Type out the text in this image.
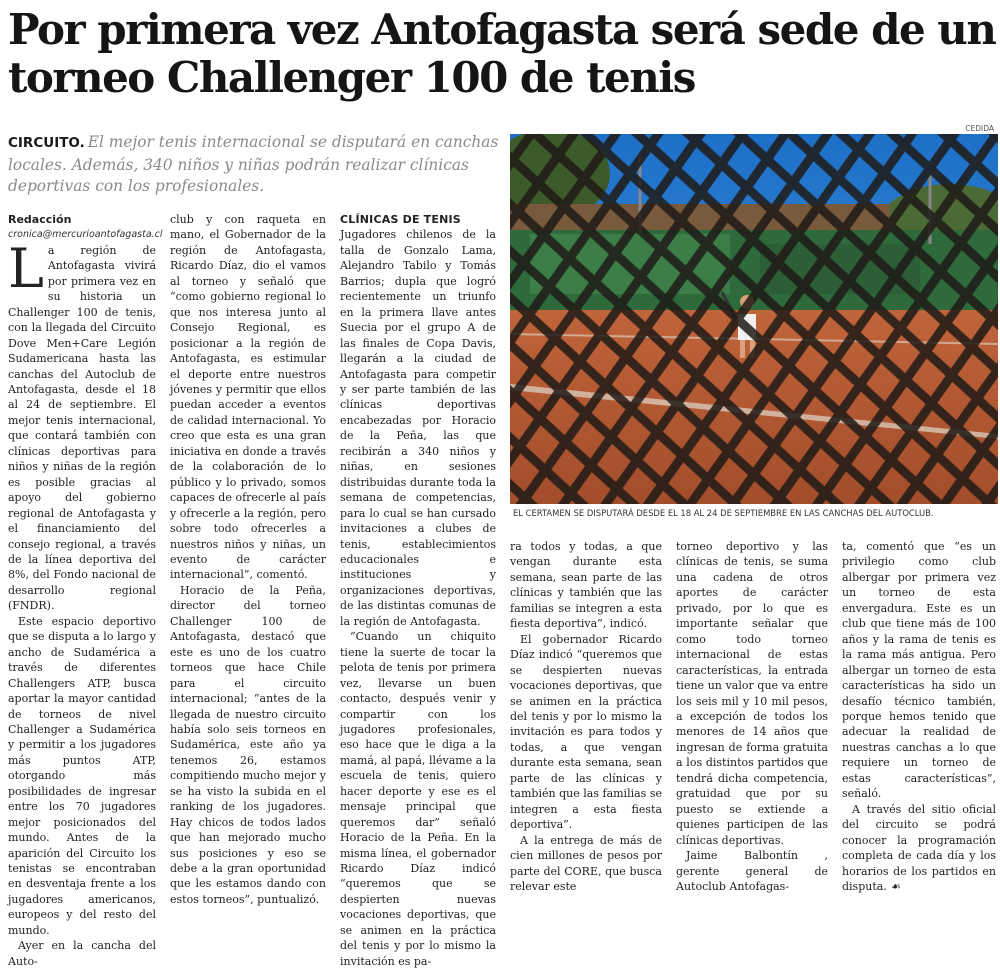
Por primera vez Antofagasta será sede de un torneo Challenger 100 de tenis

CIRCUITO. El mejor tenis internacional se disputará en canchas locales. Además, 340 niños y niñas podrán realizar clínicas deportivas con los profesionales.

CEDIDA
EL CERTAMEN SE DISPUTARÁ DESDE EL 18 AL 24 DE SEPTIEMBRE EN LAS CANCHAS DEL AUTOCLUB.

Redacción

cronica@mercurioantofagasta.cl

La región de Antofagasta vivirá por primera vez en su historia un Challenger 100 de tenis, con la llegada del Circuito Dove Men+Care Legión Sudamericana hasta las canchas del Autoclub de Antofagasta, desde el 18 al 24 de septiembre. El mejor tenis internacional, que contará también con clínicas deportivas para niños y niñas de la región es posible gracias al apoyo del gobierno regional de Antofagasta y el financiamiento del consejo regional, a través de la línea deportiva del 8%, del Fondo nacional de desarrollo regional (FNDR).

Este espacio deportivo que se disputa a lo largo y ancho de Sudamérica a través de diferentes Challengers ATP, busca aportar la mayor cantidad de torneos de nivel Challenger a Sudamérica y permitir a los jugadores más puntos ATP, otorgando más posibilidades de ingresar entre los 70 jugadores mejor posicionados del mundo. Antes de la aparición del Circuito los tenistas se encontraban en desventaja frente a los jugadores americanos, europeos y del resto del mundo.

Ayer en la cancha del Auto-

club y con raqueta en mano, el Gobernador de la región de Antofagasta, Ricardo Díaz, dio el vamos al torneo y señaló que “como gobierno regional lo que nos interesa junto al Consejo Regional, es posicionar a la región de Antofagasta, es estimular el deporte entre nuestros jóvenes y permitir que ellos puedan acceder a eventos de calidad internacional. Yo creo que esta es una gran iniciativa en donde a través de la colaboración de lo público y lo privado, somos capaces de ofrecerle al país y ofrecerle a la región, pero sobre todo ofrecerles a nuestros niños y niñas, un evento de carácter internacional”, comentó.

Horacio de la Peña, director del torneo Challenger 100 de Antofagasta, destacó que este es uno de los cuatro torneos que hace Chile para el circuito internacional; “antes de la llegada de nuestro circuito había solo seis torneos en Sudamérica, este año ya tenemos 26, estamos compitiendo mucho mejor y se ha visto la subida en el ranking de los jugadores. Hay chicos de todos lados que han mejorado mucho sus posiciones y eso se debe a la gran oportunidad que les estamos dando con estos torneos”, puntualizó.

CLÍNICAS DE TENIS

Jugadores chilenos de la talla de Gonzalo Lama, Alejandro Tabilo y Tomás Barrios; dupla que logró recientemente un triunfo en la primera llave antes Suecia por el grupo A de las finales de Copa Davis, llegarán a la ciudad de Antofagasta para competir y ser parte también de las clínicas deportivas encabezadas por Horacio de la Peña, las que recibirán a 340 niños y niñas, en sesiones distribuidas durante toda la semana de competencias, para lo cual se han cursado invitaciones a clubes de tenis, establecimientos educacionales e instituciones y organizaciones deportivas, de las distintas comunas de la región de Antofagasta.

“Cuando un chiquito tiene la suerte de tocar la pelota de tenis por primera vez, llevarse un buen contacto, después venir y compartir con los jugadores profesionales, eso hace que le diga a la mamá, al papá, llévame a la escuela de tenis, quiero hacer deporte y ese es el mensaje principal que queremos dar” señaló Horacio de la Peña. En la misma línea, el gobernador Ricardo Díaz indicó “queremos que se despierten nuevas vocaciones deportivas, que se animen en la práctica del tenis y por lo mismo la invitación es pa-

ra todos y todas, a que vengan durante esta semana, sean parte de las clínicas y también que las familias se integren a esta fiesta deportiva”, indicó.

El gobernador Ricardo Díaz indicó “queremos que se despierten nuevas vocaciones deportivas, que se animen en la práctica del tenis y por lo mismo la invitación es para todos y todas, a que vengan durante esta semana, sean parte de las clínicas y también que las familias se integren a esta fiesta deportiva”.

A la entrega de más de cien millones de pesos por parte del CORE, que busca relevar este

torneo deportivo y las clínicas de tenis, se suma una cadena de otros aportes de carácter privado, por lo que es importante señalar que como todo torneo internacional de estas características, la entrada tiene un valor que va entre los seis mil y 10 mil pesos, a excepción de todos los menores de 14 años que ingresan de forma gratuita a los distintos partidos que tendrá dicha competencia, gratuidad que por su puesto se extiende a quienes participen de las clínicas deportivas.

Jaime Balbontín , gerente general de Autoclub Antofagas-

ta, comentó que “es un privilegio como club albergar por primera vez un torneo de esta envergadura. Este es un club que tiene más de 100 años y la rama de tenis es la rama más antigua. Pero albergar un torneo de esta características ha sido un desafío técnico también, porque hemos tenido que adecuar la realidad de nuestras canchas a lo que requiere un torneo de estas características”, señaló.

A través del sitio oficial del circuito se podrá conocer la programación completa de cada día y los horarios de los partidos en disputa. ☙
